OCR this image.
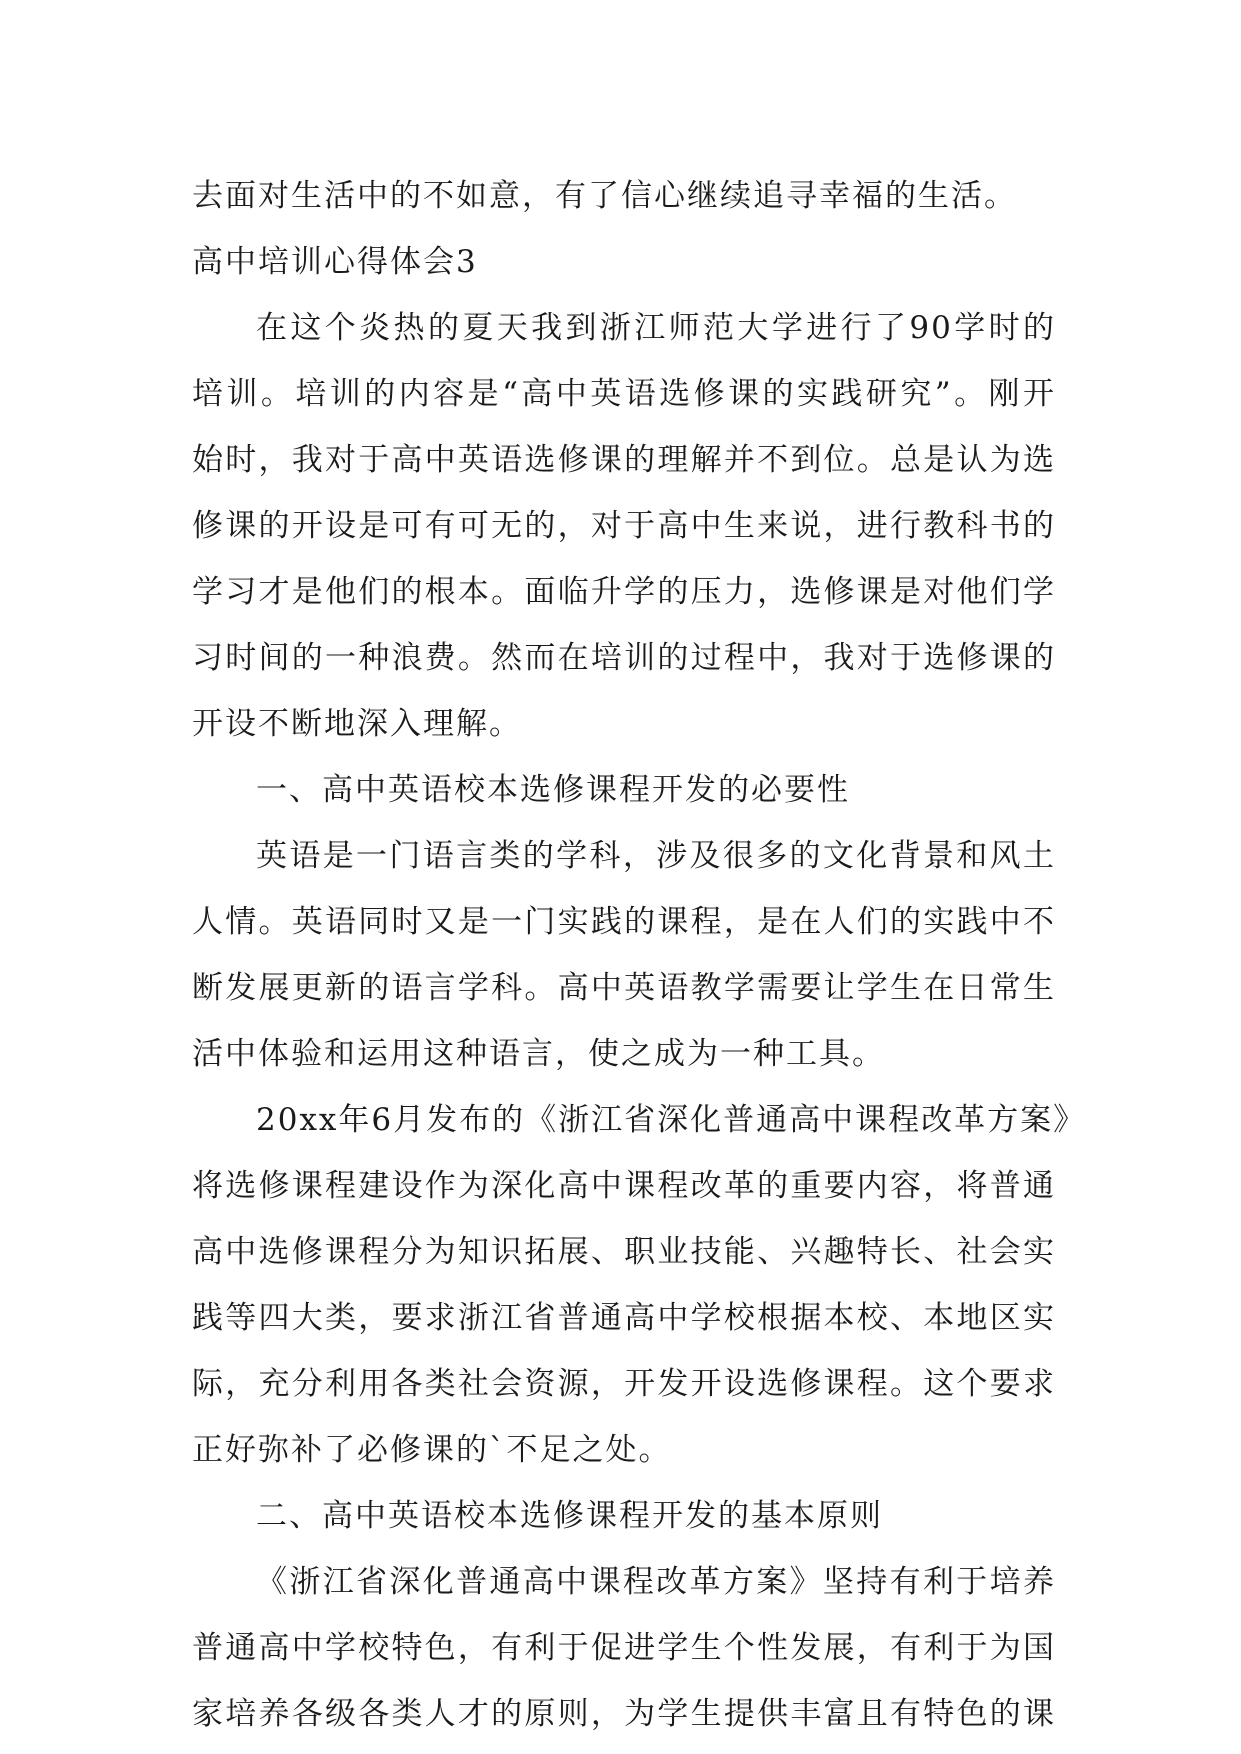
去面对生活中的不如意，有了信心继续追寻幸福的生活。
高中培训心得体会3
在这个炎热的夏天我到浙江师范大学进行了90学时的
培训。培训的内容是“高中英语选修课的实践研究”。刚开
始时，我对于高中英语选修课的理解并不到位。总是认为选
修课的开设是可有可无的，对于高中生来说，进行教科书的
学习才是他们的根本。面临升学的压力，选修课是对他们学
习时间的一种浪费。然而在培训的过程中，我对于选修课的
开设不断地深入理解。
一、高中英语校本选修课程开发的必要性
英语是一门语言类的学科，涉及很多的文化背景和风土
人情。英语同时又是一门实践的课程，是在人们的实践中不
断发展更新的语言学科。高中英语教学需要让学生在日常生
活中体验和运用这种语言，使之成为一种工具。
20xx年6月发布的《浙江省深化普通高中课程改革方案》
将选修课程建设作为深化高中课程改革的重要内容，将普通
高中选修课程分为知识拓展、职业技能、兴趣特长、社会实
践等四大类，要求浙江省普通高中学校根据本校、本地区实
际，充分利用各类社会资源，开发开设选修课程。这个要求
正好弥补了必修课的`不足之处。
二、高中英语校本选修课程开发的基本原则
《浙江省深化普通高中课程改革方案》坚持有利于培养
普通高中学校特色，有利于促进学生个性发展，有利于为国
家培养各级各类人才的原则，为学生提供丰富且有特色的课
